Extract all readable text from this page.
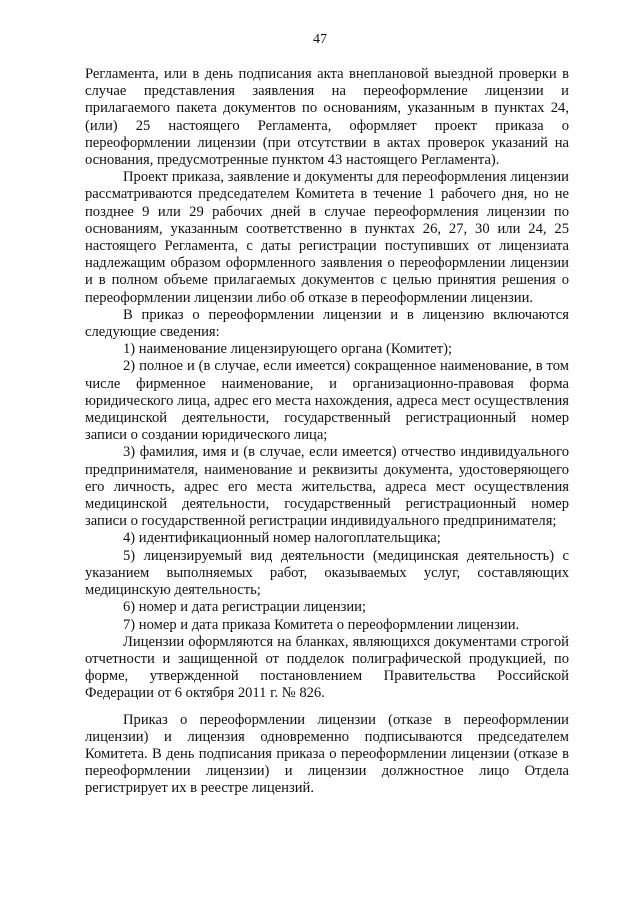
47

Регламента, или в день подписания акта внеплановой выездной проверки в случае представления заявления на переоформление лицензии и прилагаемого пакета документов по основаниям, указанным в пунктах 24, (или) 25 настоящего Регламента, оформляет проект приказа о переоформлении лицензии (при отсутствии в актах проверок указаний на основания, предусмотренные пунктом 43 настоящего Регламента).

Проект приказа, заявление и документы для переоформления лицензии рассматриваются председателем Комитета в течение 1 рабочего дня, но не позднее 9 или 29 рабочих дней в случае переоформления лицензии по основаниям, указанным соответственно в пунктах 26, 27, 30 или 24, 25 настоящего Регламента, с даты регистрации поступивших от лицензиата надлежащим образом оформленного заявления о переоформлении лицензии и в полном объеме прилагаемых документов с целью принятия решения о переоформлении лицензии либо об отказе в переоформлении лицензии.

В приказ о переоформлении лицензии и в лицензию включаются следующие сведения:

1) наименование лицензирующего органа (Комитет);

2) полное и (в случае, если имеется) сокращенное наименование, в том числе фирменное наименование, и организационно-правовая форма юридического лица, адрес его места нахождения, адреса мест осуществления медицинской деятельности, государственный регистрационный номер записи о создании юридического лица;

3) фамилия, имя и (в случае, если имеется) отчество индивидуального предпринимателя, наименование и реквизиты документа, удостоверяющего его личность, адрес его места жительства, адреса мест осуществления медицинской деятельности, государственный регистрационный номер записи о государственной регистрации индивидуального предпринимателя;

4) идентификационный номер налогоплательщика;

5) лицензируемый вид деятельности (медицинская деятельность) с указанием выполняемых работ, оказываемых услуг, составляющих медицинскую деятельность;

6) номер и дата регистрации лицензии;

7) номер и дата приказа Комитета о переоформлении лицензии.

Лицензии оформляются на бланках, являющихся документами строгой отчетности и защищенной от подделок полиграфической продукцией, по форме, утвержденной постановлением Правительства Российской Федерации от 6 октября 2011 г. № 826.

Приказ о переоформлении лицензии (отказе в переоформлении лицензии) и лицензия одновременно подписываются председателем Комитета. В день подписания приказа о переоформлении лицензии (отказе в переоформлении лицензии) и лицензии должностное лицо Отдела регистрирует их в реестре лицензий.
